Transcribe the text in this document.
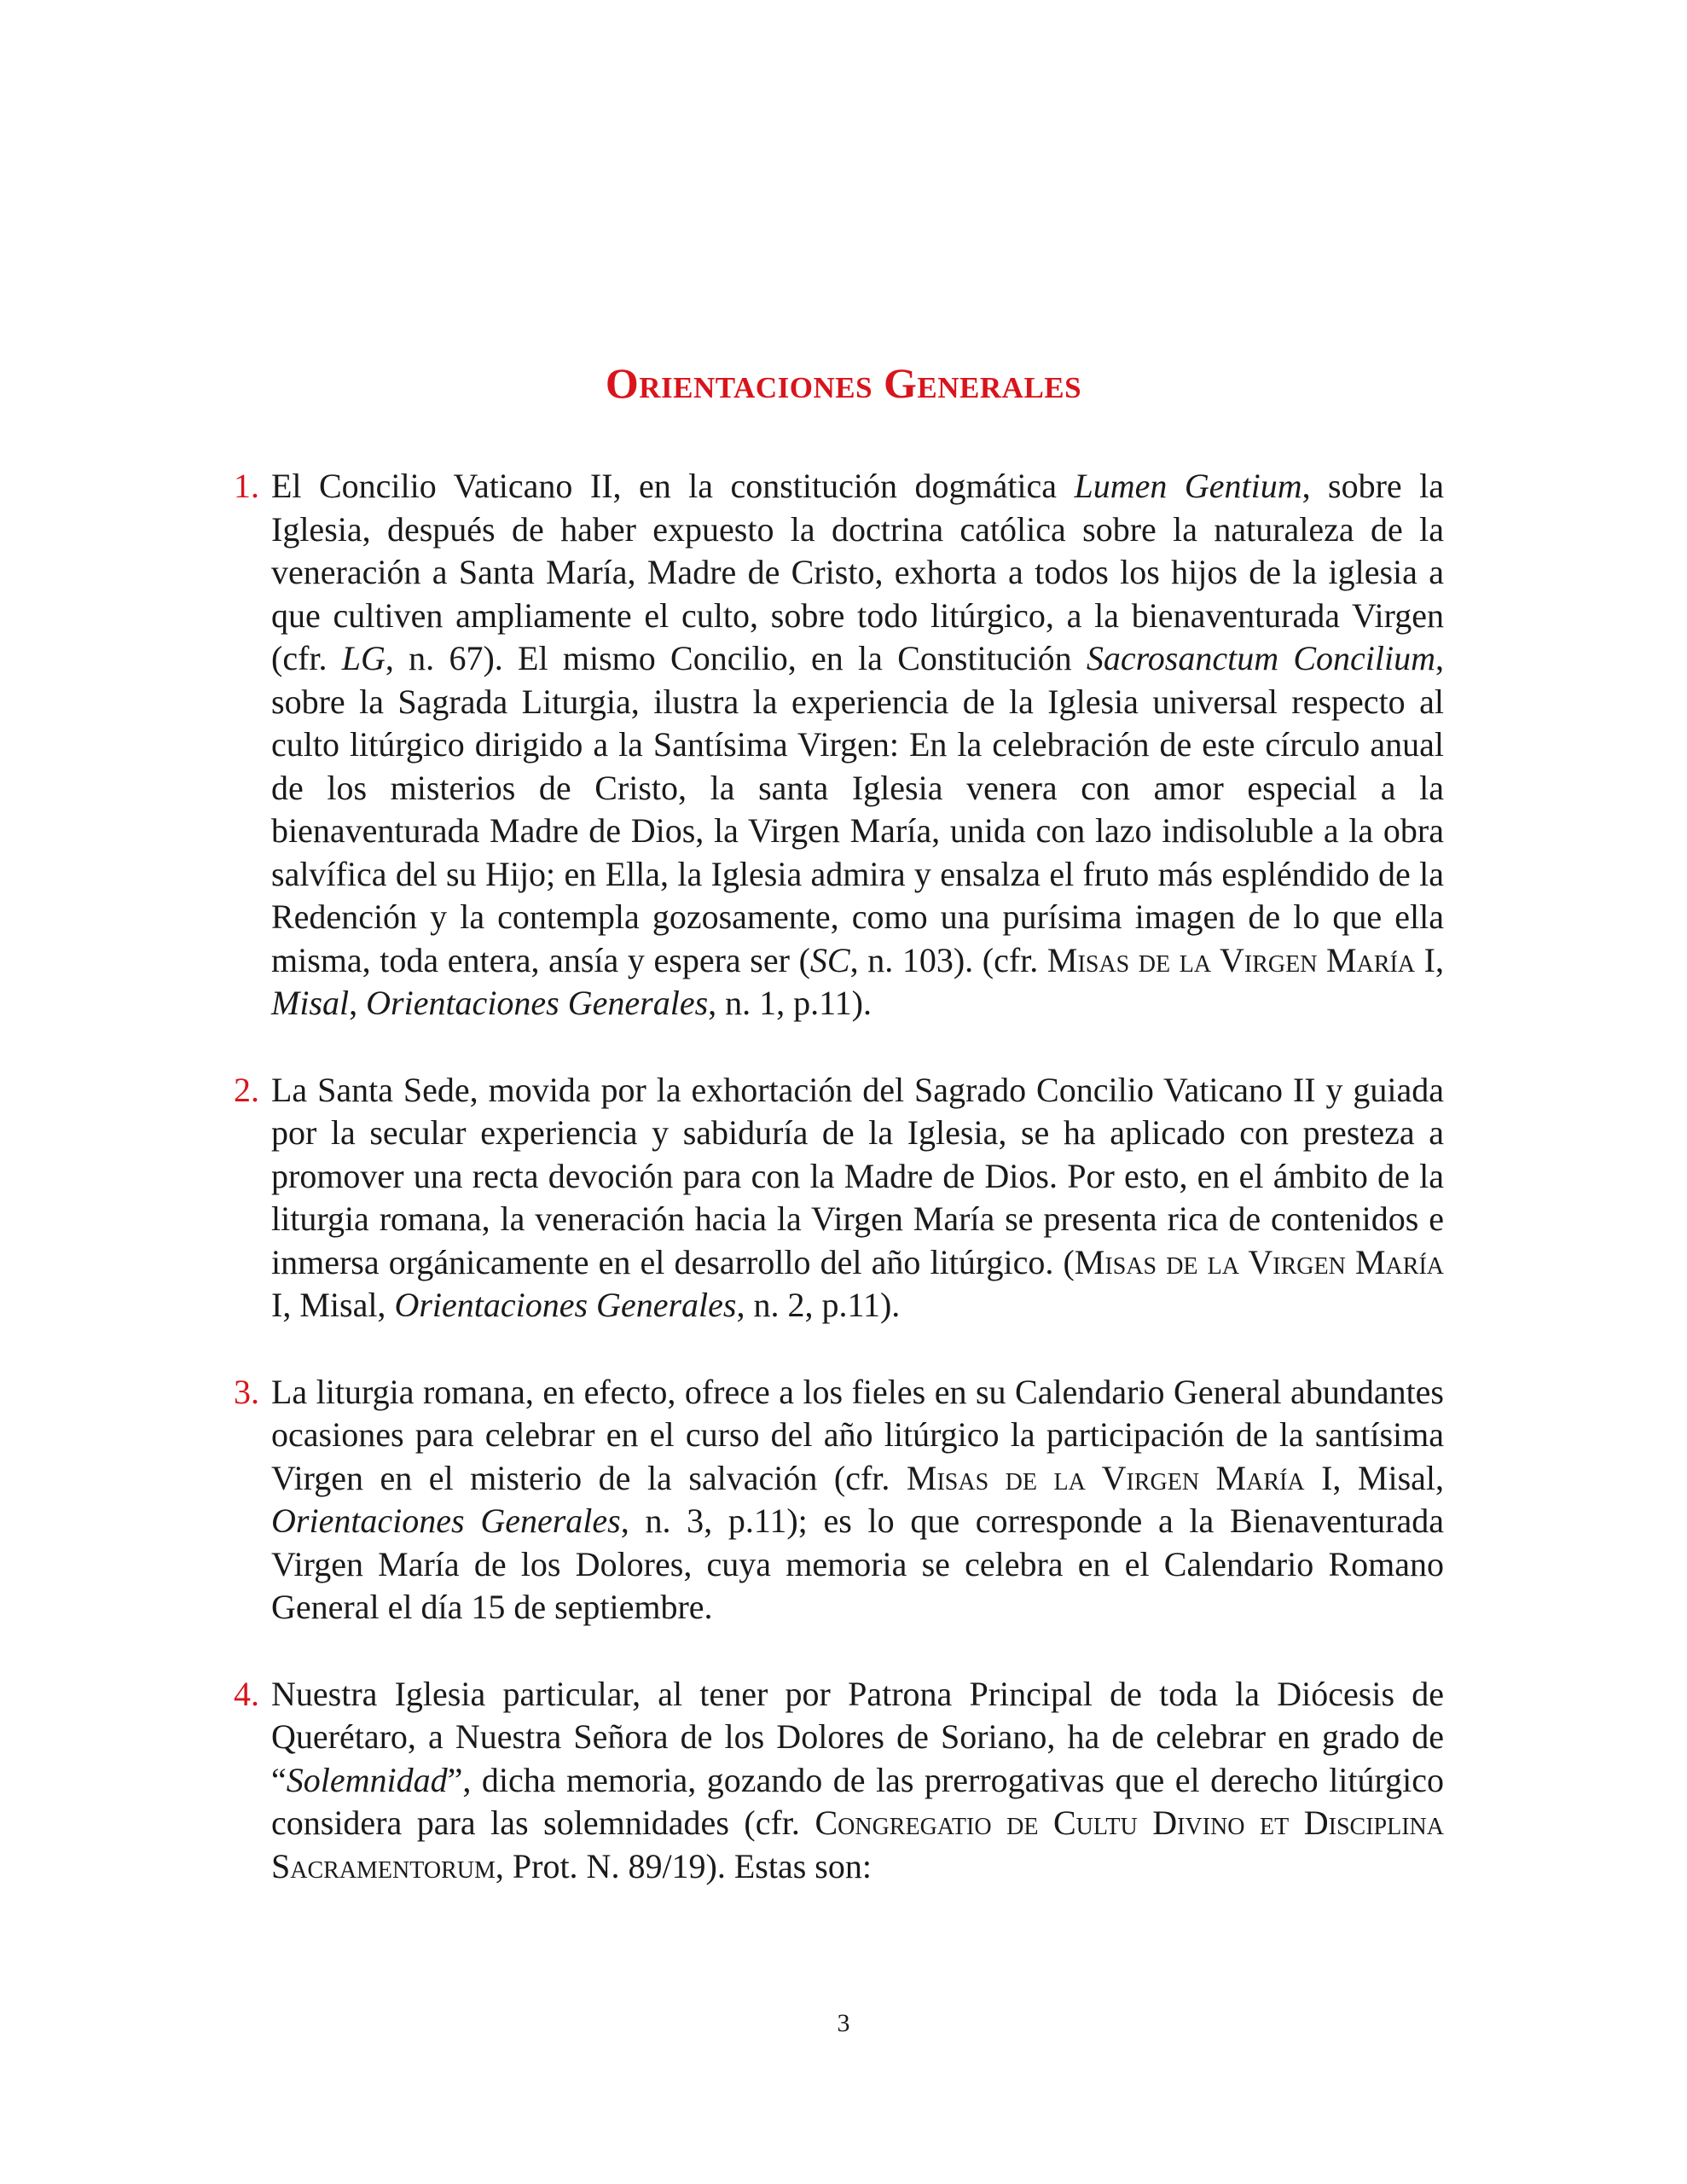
Orientaciones Generales
1. El Concilio Vaticano II, en la constitución dogmática Lumen Gentium, sobre la Iglesia, después de haber expuesto la doctrina católica sobre la naturaleza de la veneración a Santa María, Madre de Cristo, exhorta a todos los hijos de la iglesia a que cultiven ampliamente el culto, sobre todo litúrgico, a la bienaventurada Virgen (cfr. LG, n. 67). El mismo Concilio, en la Constitución Sacrosanctum Concilium, sobre la Sagrada Liturgia, ilustra la experiencia de la Iglesia universal respecto al culto litúrgico dirigido a la Santísima Virgen: En la celebración de este círculo anual de los misterios de Cristo, la santa Iglesia venera con amor especial a la bienaventurada Madre de Dios, la Virgen María, unida con lazo indisoluble a la obra salvífica del su Hijo; en Ella, la Iglesia admira y ensalza el fruto más espléndido de la Redención y la contempla gozosamente, como una purísima imagen de lo que ella misma, toda entera, ansía y espera ser (SC, n. 103). (cfr. Misas de la Virgen María I, Misal, Orientaciones Generales, n. 1, p.11).
2. La Santa Sede, movida por la exhortación del Sagrado Concilio Vaticano II y guiada por la secular experiencia y sabiduría de la Iglesia, se ha aplicado con presteza a promover una recta devoción para con la Madre de Dios. Por esto, en el ámbito de la liturgia romana, la veneración hacia la Virgen María se presenta rica de contenidos e inmersa orgánicamente en el desarrollo del año litúrgico. (Misas de la Virgen María I, Misal, Orientaciones Generales, n. 2, p.11).
3. La liturgia romana, en efecto, ofrece a los fieles en su Calendario General abundantes ocasiones para celebrar en el curso del año litúrgico la participación de la santísima Virgen en el misterio de la salvación (cfr. Misas de la Virgen María I, Misal, Orientaciones Generales, n. 3, p.11); es lo que corresponde a la Bienaventurada Virgen María de los Dolores, cuya memoria se celebra en el Calendario Romano General el día 15 de septiembre.
4. Nuestra Iglesia particular, al tener por Patrona Principal de toda la Diócesis de Querétaro, a Nuestra Señora de los Dolores de Soriano, ha de celebrar en grado de “Solemnidad”, dicha memoria, gozando de las prerrogativas que el derecho litúrgico considera para las solemnidades (cfr. Congregatio de Cultu Divino et Disciplina Sacramentorum, Prot. N. 89/19). Estas son:
3
